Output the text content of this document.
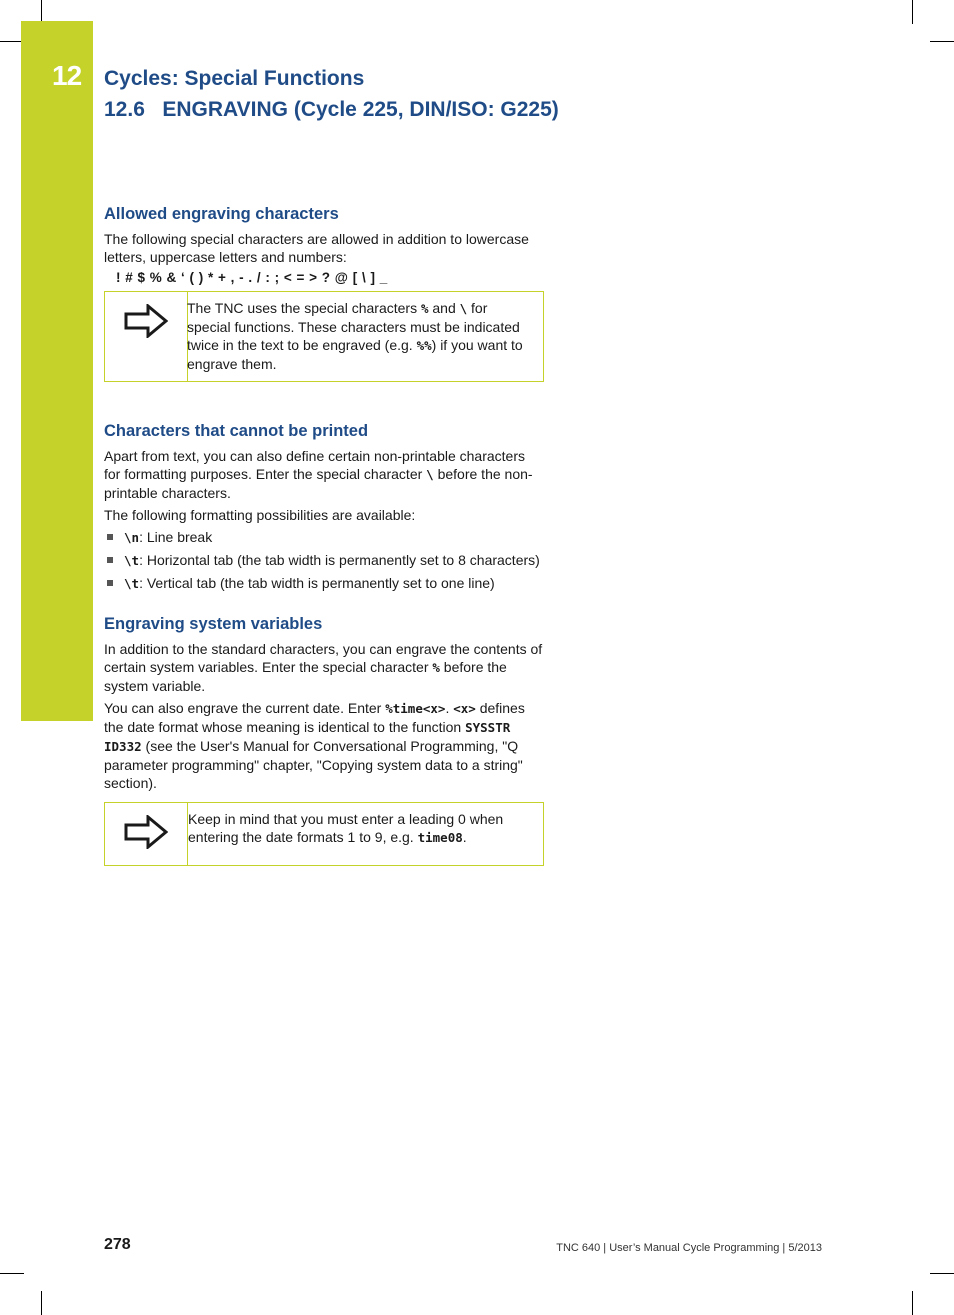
12	Cycles: Special Functions
12.6   ENGRAVING (Cycle 225, DIN/ISO: G225)
Allowed engraving characters

The following special characters are allowed in addition to lowercase letters, uppercase letters and numbers:

! # $ % & ‘ ( ) * + , - . / : ; < = > ? @ [ \ ] _
The TNC uses the special characters % and \ for special functions. These characters must be indicated twice in the text to be engraved (e.g. %%) if you want to engrave them.
Characters that cannot be printed

Apart from text, you can also define certain non-printable characters for formatting purposes. Enter the special character \ before the non-printable characters.

The following formatting possibilities are available:

\n: Line break
\t: Horizontal tab (the tab width is permanently set to 8 characters)
\t: Vertical tab (the tab width is permanently set to one line)
Engraving system variables

In addition to the standard characters, you can engrave the contents of certain system variables. Enter the special character % before the system variable.

You can also engrave the current date. Enter %time<x>. <x> defines the date format whose meaning is identical to the function SYSSTR ID332 (see the User's Manual for Conversational Programming, "Q parameter programming" chapter, "Copying system data to a string" section).

Keep in mind that you must enter a leading 0 when entering the date formats 1 to 9, e.g. time08.
278	TNC 640 | User’s Manual Cycle Programming | 5/2013
